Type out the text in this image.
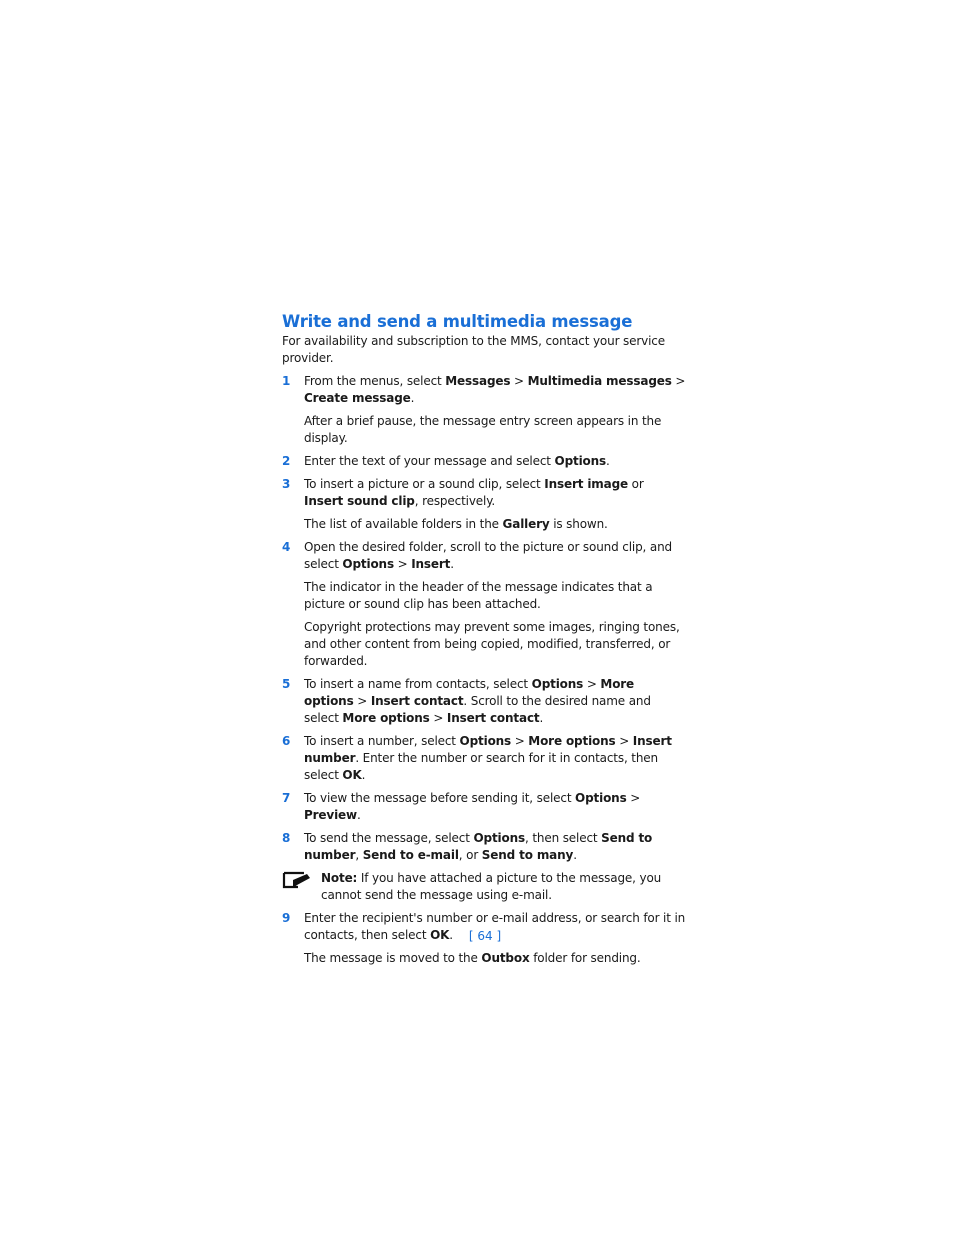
Write and send a multimedia message

For availability and subscription to the MMS, contact your service provider.

1 From the menus, select Messages > Multimedia messages > Create message.
After a brief pause, the message entry screen appears in the display.
2 Enter the text of your message and select Options.
3 To insert a picture or a sound clip, select Insert image or Insert sound clip, respectively.
The list of available folders in the Gallery is shown.
4 Open the desired folder, scroll to the picture or sound clip, and select Options > Insert.
The indicator in the header of the message indicates that a picture or sound clip has been attached.
Copyright protections may prevent some images, ringing tones, and other content from being copied, modified, transferred, or forwarded.
5 To insert a name from contacts, select Options > More options > Insert contact. Scroll to the desired name and select More options > Insert contact.
6 To insert a number, select Options > More options > Insert number. Enter the number or search for it in contacts, then select OK.
7 To view the message before sending it, select Options > Preview.
8 To send the message, select Options, then select Send to number, Send to e-mail, or Send to many.
Note: If you have attached a picture to the message, you cannot send the message using e-mail.
9 Enter the recipient's number or e-mail address, or search for it in contacts, then select OK.
The message is moved to the Outbox folder for sending.
[ 64 ]
